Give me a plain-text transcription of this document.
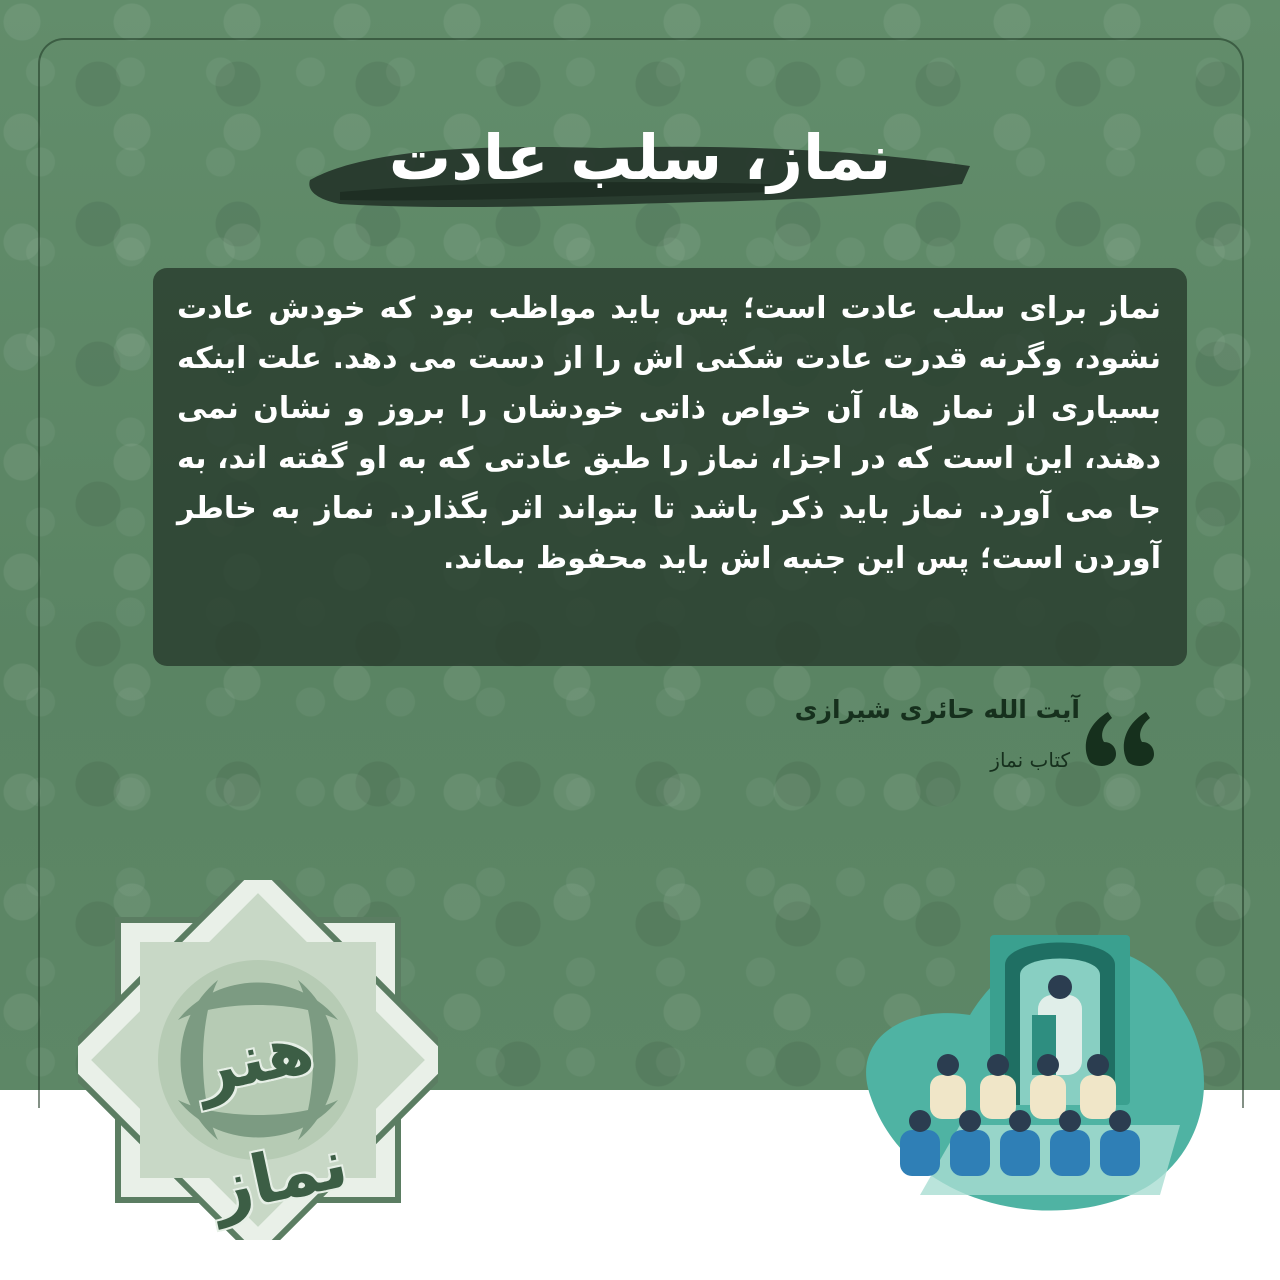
نماز، سلب عادت

نماز برای سلب عادت است؛ پس باید مواظب بود که خودش عادت نشود، وگرنه قدرت عادت شکنی اش را از دست می دهد. علت اینکه بسیاری از نماز ها، آن خواص ذاتی خودشان را بروز و نشان نمی دهند، این است که در اجزا، نماز را طبق عادتی که به او گفته اند، به جا می آورد. نماز باید ذکر باشد تا بتواند اثر بگذارد. نماز به خاطر آوردن است؛ پس این جنبه اش باید محفوظ بماند.

آیت الله حائری شیرازی

کتاب نماز

هنر نماز
